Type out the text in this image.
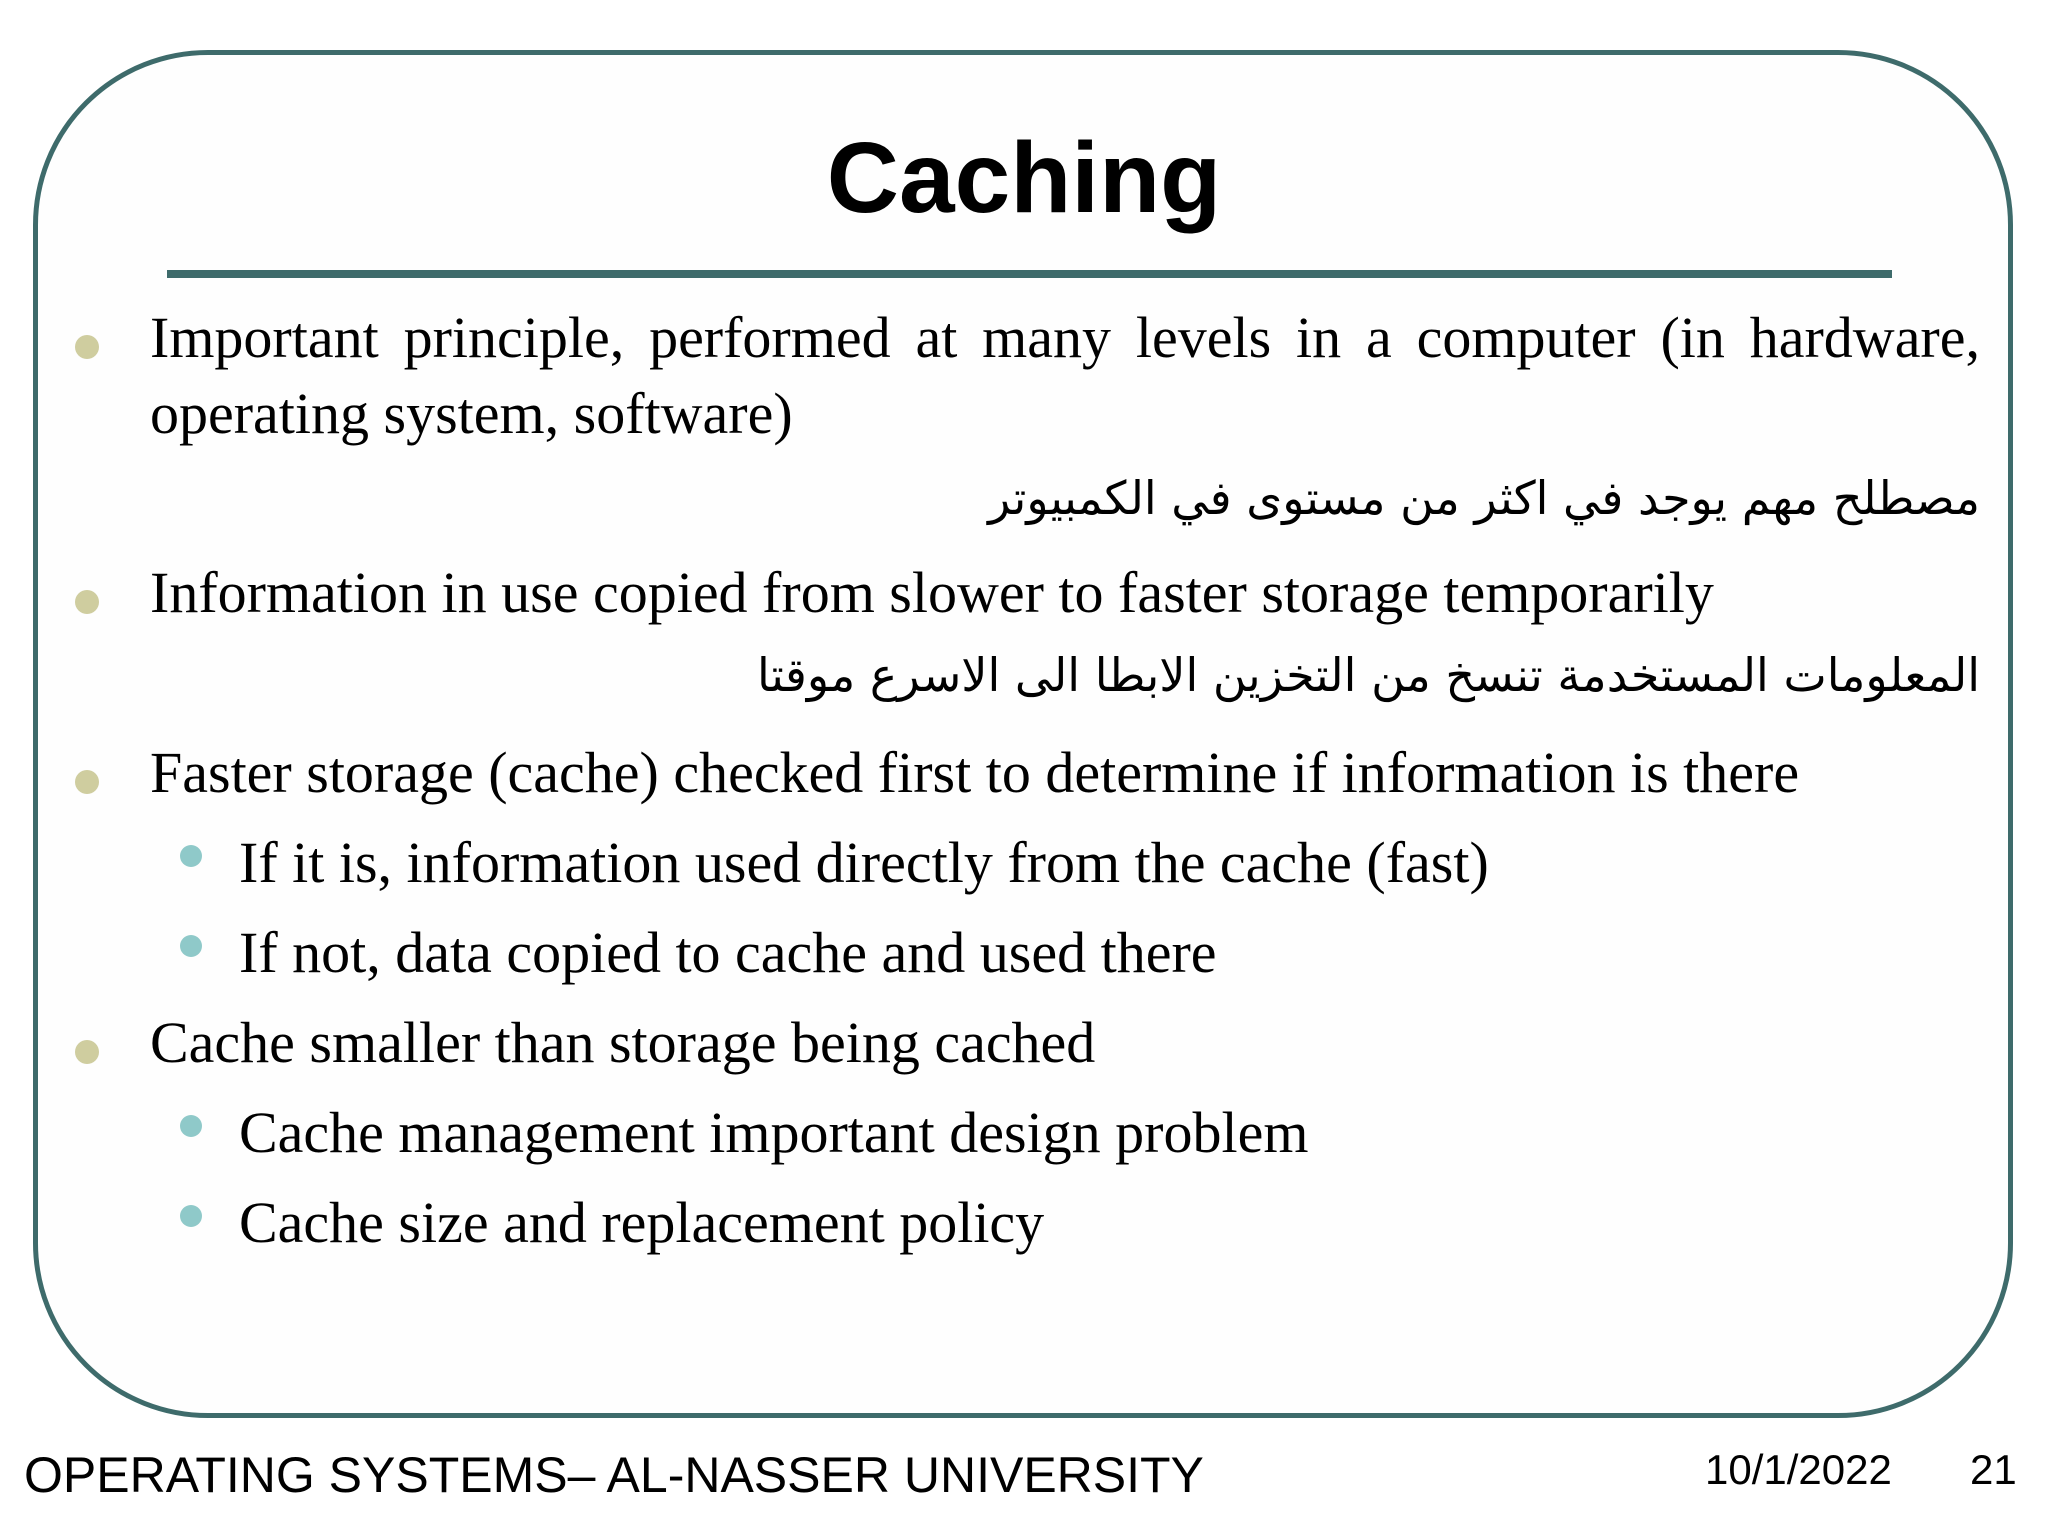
Caching
Important principle, performed at many levels in a computer (in hardware, operating system, software)
مصطلح مهم يوجد في اكثر من مستوى في الكمبيوتر
Information in use copied from slower to faster storage temporarily
المعلومات المستخدمة تنسخ من التخزين الابطا الى الاسرع موقتا
Faster storage (cache) checked first to determine if information is there
If it is, information used directly from the cache (fast)
If not, data copied to cache and used there
Cache smaller than storage being cached
Cache management important design problem
Cache size and replacement policy
OPERATING SYSTEMS– AL-NASSER UNIVERSITY	10/1/2022 21
